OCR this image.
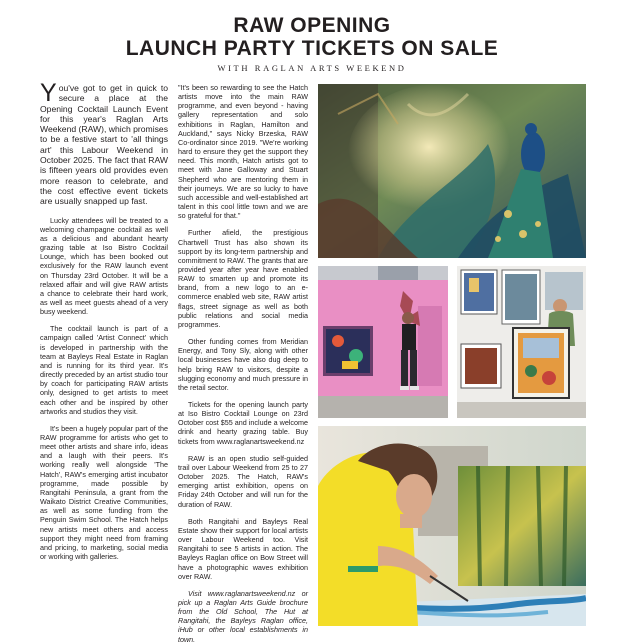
RAW OPENING
LAUNCH PARTY TICKETS ON SALE
WITH RAGLAN ARTS WEEKEND

You've got to get in quick to secure a place at the Opening Cocktail Launch Event for this year's Raglan Arts Weekend (RAW), which promises to be a festive start to 'all things art' this Labour Weekend in October 2025. The fact that RAW is fifteen years old provides even more reason to celebrate, and the cost effective event tickets are usually snapped up fast.

Lucky attendees will be treated to a welcoming champagne cocktail as well as a delicious and abundant hearty grazing table at Iso Bistro Cocktail Lounge, which has been booked out exclusively for the RAW launch event on Thursday 23rd October. It will be a relaxed affair and will give RAW artists a chance to celebrate their hard work, as well as meet guests ahead of a very busy weekend.

The cocktail launch is part of a campaign called 'Artist Connect' which is developed in partnership with the team at Bayleys Real Estate in Raglan and is running for its third year. It's directly preceded by an artist studio tour by coach for participating RAW artists only, designed to get artists to meet each other and be inspired by other artworks and studios they visit.

It's been a hugely popular part of the RAW programme for artists who get to meet other artists and share info, ideas and a laugh with their peers. It's working really well alongside 'The Hatch', RAW's emerging artist incubator programme, made possible by Rangitahi Peninsula, a grant from the Waikato District Creative Communities, as well as some funding from the Penguin Swim School. The Hatch helps new artists meet others and access support they might need from framing and pricing, to marketing, social media or working with galleries.

"It's been so rewarding to see the Hatch artists move into the main RAW programme, and even beyond - having gallery representation and solo exhibitions in Raglan, Hamilton and Auckland," says Nicky Brzeska, RAW Co-ordinator since 2019. "We're working hard to ensure they get the support they need. This month, Hatch artists got to meet with Jane Galloway and Stuart Shepherd who are mentoring them in their journeys. We are so lucky to have such accessible and well-established art talent in this cool little town and we are so grateful for that."

Further afield, the prestigious Chartwell Trust has also shown its support by its long-term partnership and commitment to RAW. The grants that are provided year after year have enabled RAW to smarten up and promote its brand, from a new logo to an e-commerce enabled web site, RAW artist flags, street signage as well as both public relations and social media programmes.

Other funding comes from Meridian Energy, and Tony Sly, along with other local businesses have also dug deep to help bring RAW to visitors, despite a slugging economy and much pressure in the retail sector.

Tickets for the opening launch party at Iso Bistro Cocktail Lounge on 23rd October cost $55 and include a welcome drink and hearty grazing table. Buy tickets from www.raglanartsweekend.nz

RAW is an open studio self-guided trail over Labour Weekend from 25 to 27 October 2025. The Hatch, RAW's emerging artist exhibition, opens on Friday 24th October and will run for the duration of RAW.

Both Rangitahi and Bayleys Real Estate show their support for local artists over Labour Weekend too. Visit Rangitahi to see 5 artists in action. The Bayleys Raglan office on Bow Street will have a photographic waves exhibition over RAW.

Visit www.raglanartsweekend.nz or pick up a Raglan Arts Guide brochure from the Old School, The Hut at Rangitahi, the Bayleys Raglan office, iHub or other local establishments in town.
